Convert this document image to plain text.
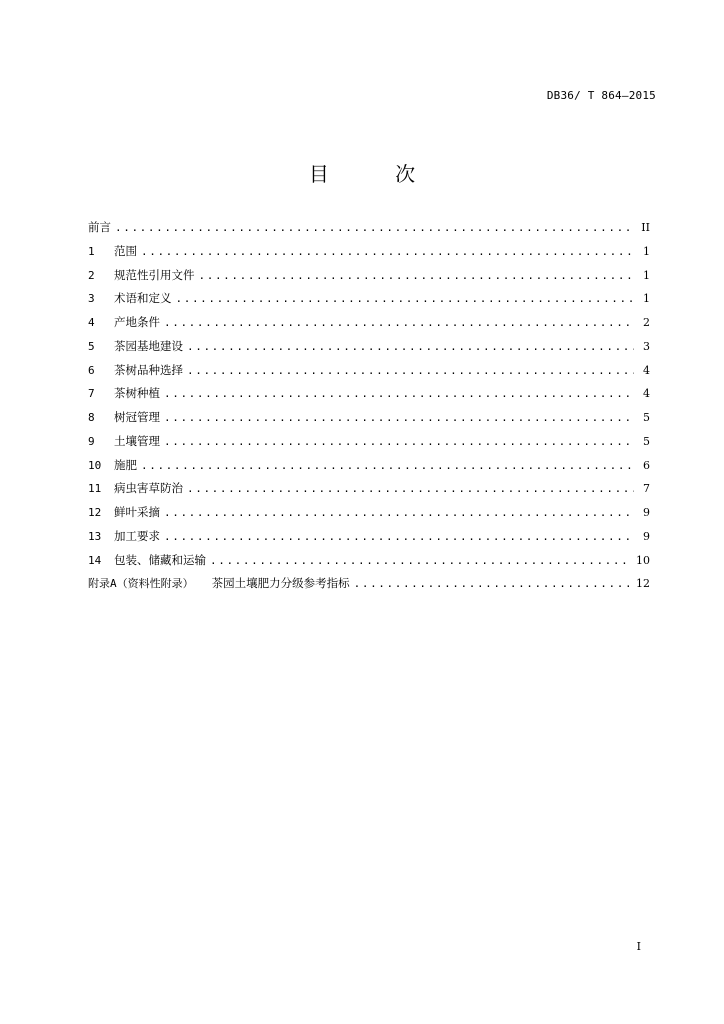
DB36/ T 864—2015
目 次
前言 .....	II
1 范围 .....	1
2 规范性引用文件 .....	1
3 术语和定义 .....	1
4 产地条件 .....	2
5 茶园基地建设 .....	3
6 茶树品种选择 .....	4
7 茶树种植 .....	4
8 树冠管理 .....	5
9 土壤管理 .....	5
10 施肥 .....	6
11 病虫害草防治 .....	7
12 鲜叶采摘 .....	9
13 加工要求 .....	9
14 包装、储藏和运输 .....	10
附录A（资料性附录） 茶园土壤肥力分级参考指标 .....	12
I
